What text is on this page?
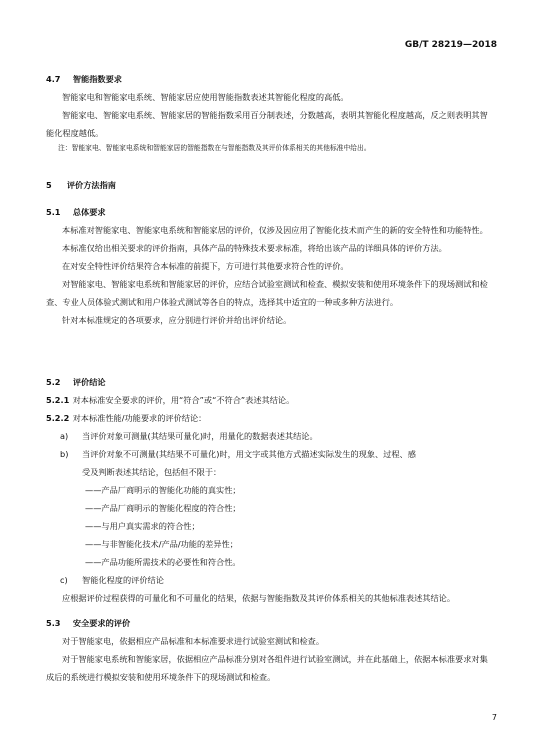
GB/T 28219—2018
4.7 智能指数要求

智能家电和智能家电系统、智能家居应使用智能指数表述其智能化程度的高低。

智能家电、智能家电系统、智能家居的智能指数采用百分制表述，分数越高，表明其智能化程度越高，反之则表明其智能化程度越低。

注：智能家电、智能家电系统和智能家居的智能指数在与智能指数及其评价体系相关的其他标准中给出。

5 评价方法指南
5.1 总体要求

本标准对智能家电、智能家电系统和智能家居的评价，仅涉及因应用了智能化技术而产生的新的安全特性和功能特性。

本标准仅给出相关要求的评价指南，具体产品的特殊技术要求标准，将给出该产品的详细具体的评价方法。

在对安全特性评价结果符合本标准的前提下，方可进行其他要求符合性的评价。

对智能家电、智能家电系统和智能家居的评价，应结合试验室测试和检查、模拟安装和使用环境条件下的现场测试和检查、专业人员体验式测试和用户体验式测试等各自的特点，选择其中适宜的一种或多种方法进行。

针对本标准规定的各项要求，应分别进行评价并给出评价结论。

5.2 评价结论
5.2.1 对本标准安全要求的评价，用“符合”或“不符合”表述其结论。
5.2.2 对本标准性能/功能要求的评价结论：
a) 当评价对象可测量(其结果可量化)时，用量化的数据表述其结论。
b) 当评价对象不可测量(其结果不可量化)时，用文字或其他方式描述实际发生的现象、过程、感
受及判断表述其结论，包括但不限于：
——产品厂商明示的智能化功能的真实性；
——产品厂商明示的智能化程度的符合性；
——与用户真实需求的符合性；
——与非智能化技术/产品/功能的差异性；
——产品功能所需技术的必要性和符合性。
c) 智能化程度的评价结论

应根据评价过程获得的可量化和不可量化的结果，依据与智能指数及其评价体系相关的其他标准表述其结论。

5.3 安全要求的评价

对于智能家电，依据相应产品标准和本标准要求进行试验室测试和检查。

对于智能家电系统和智能家居，依据相应产品标准分别对各组件进行试验室测试，并在此基础上，依据本标准要求对集成后的系统进行模拟安装和使用环境条件下的现场测试和检查。

7
